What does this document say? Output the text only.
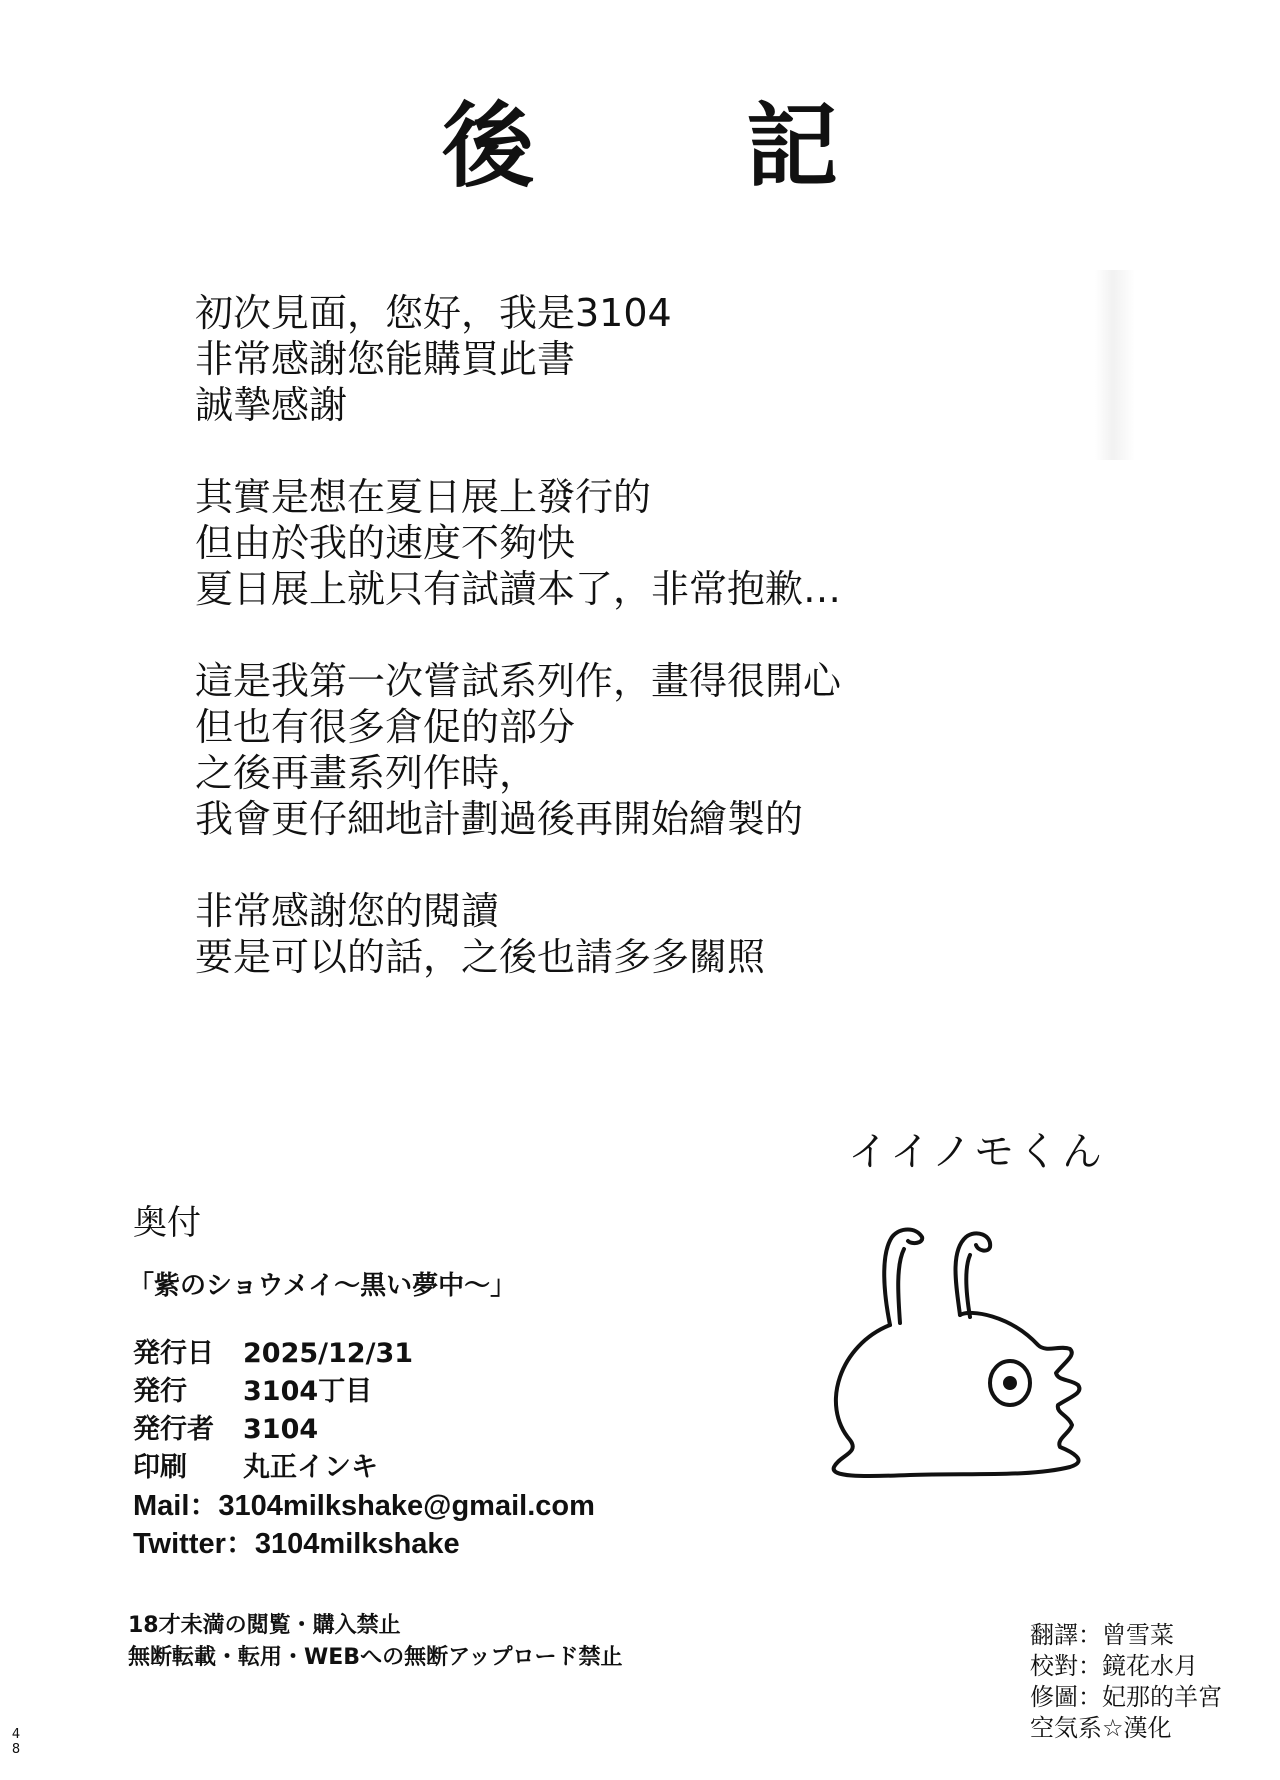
後　記
初次見面，您好，我是3104
非常感謝您能購買此書
誠摯感謝
其實是想在夏日展上發行的
但由於我的速度不夠快
夏日展上就只有試讀本了，非常抱歉…
這是我第一次嘗試系列作，畫得很開心
但也有很多倉促的部分
之後再畫系列作時，
我會更仔細地計劃過後再開始繪製的
非常感謝您的閱讀
要是可以的話，之後也請多多關照
イイノモくん
奥付
「紫のショウメイ〜黒い夢中〜」
発行日 2025/12/31
発行 3104丁目
発行者 3104
印刷 丸正インキ
Mail：3104milkshake@gmail.com
Twitter：3104milkshake
18才未満の閲覧・購入禁止
無断転載・転用・WEBへの無断アップロード禁止
翻譯：曾雪菜
校對：鏡花水月
修圖：妃那的羊宮
空気系☆漢化
4
8
